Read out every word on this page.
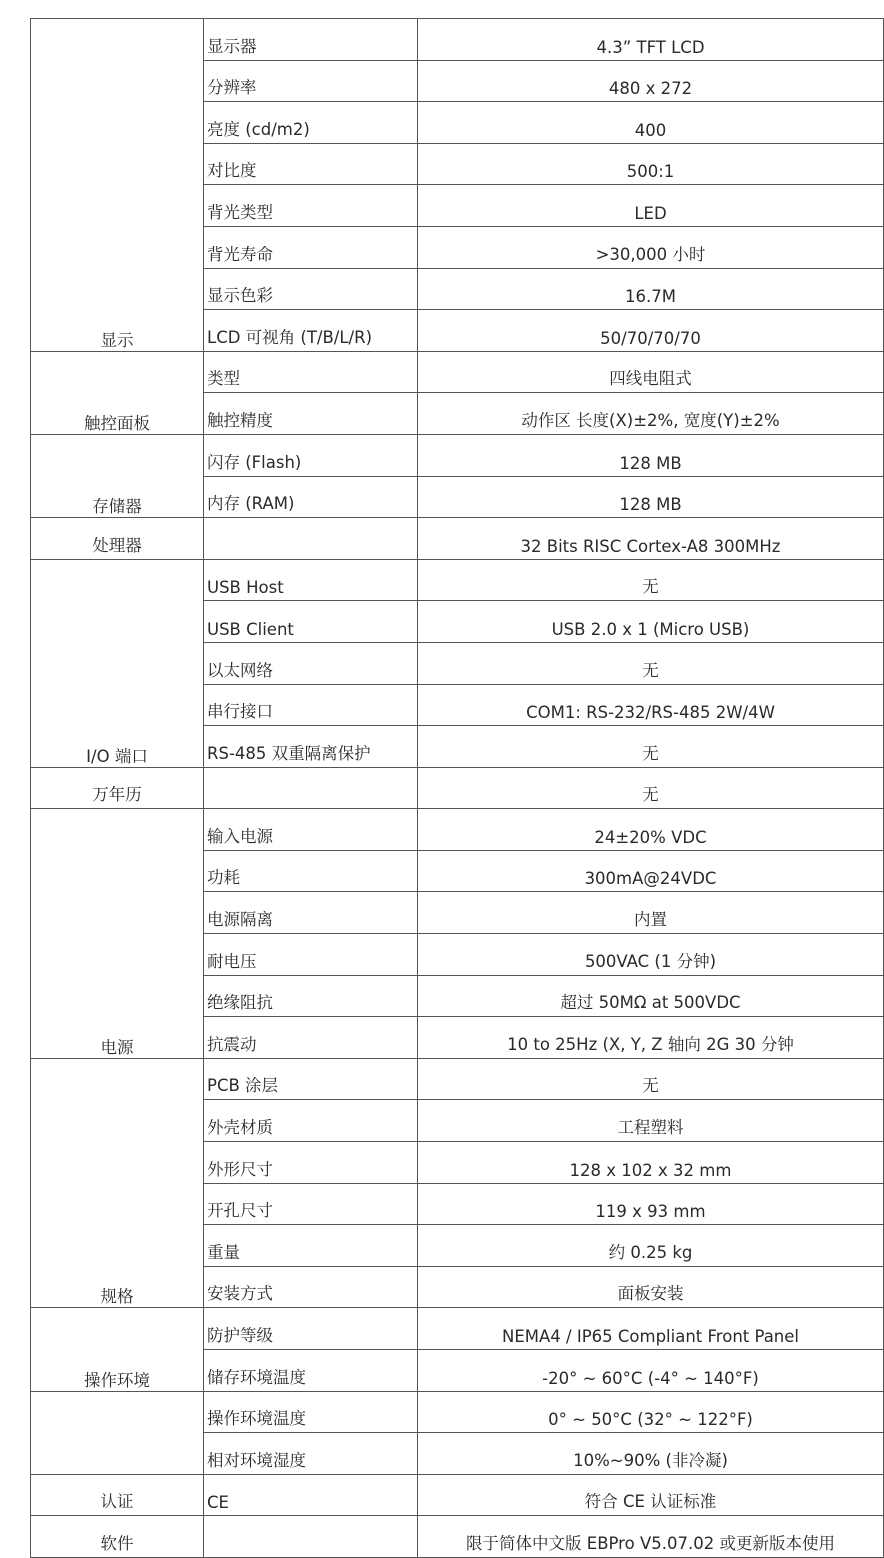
显示	显示器	4.3” TFT LCD
	分辨率	480 x 272
	亮度 (cd/m2)	400
	对比度	500:1
	背光类型	LED
	背光寿命	>30,000 小时
	显示色彩	16.7M
	LCD 可视角 (T/B/L/R)	50/70/70/70
触控面板	类型	四线电阻式
	触控精度	动作区 长度(X)±2%, 宽度(Y)±2%
存储器	闪存 (Flash)	128 MB
	内存 (RAM)	128 MB
处理器		32 Bits RISC Cortex-A8 300MHz
I/O 端口	USB Host	无
	USB Client	USB 2.0 x 1 (Micro USB)
	以太网络	无
	串行接口	COM1: RS-232/RS-485 2W/4W
	RS-485 双重隔离保护	无
万年历		无
电源	输入电源	24±20% VDC
	功耗	300mA@24VDC
	电源隔离	内置
	耐电压	500VAC (1 分钟)
	绝缘阻抗	超过 50MΩ at 500VDC
	抗震动	10 to 25Hz (X, Y, Z 轴向 2G 30 分钟
规格	PCB 涂层	无
	外壳材质	工程塑料
	外形尺寸	128 x 102 x 32 mm
	开孔尺寸	119 x 93 mm
	重量	约 0.25 kg
	安装方式	面板安装
操作环境	防护等级	NEMA4 / IP65 Compliant Front Panel
	储存环境温度	-20° ~ 60°C (-4° ~ 140°F)
	操作环境温度	0° ~ 50°C (32° ~ 122°F)
	相对环境湿度	10%~90% (非冷凝)
认证	CE	符合 CE 认证标准
软件		限于简体中文版 EBPro V5.07.02 或更新版本使用
